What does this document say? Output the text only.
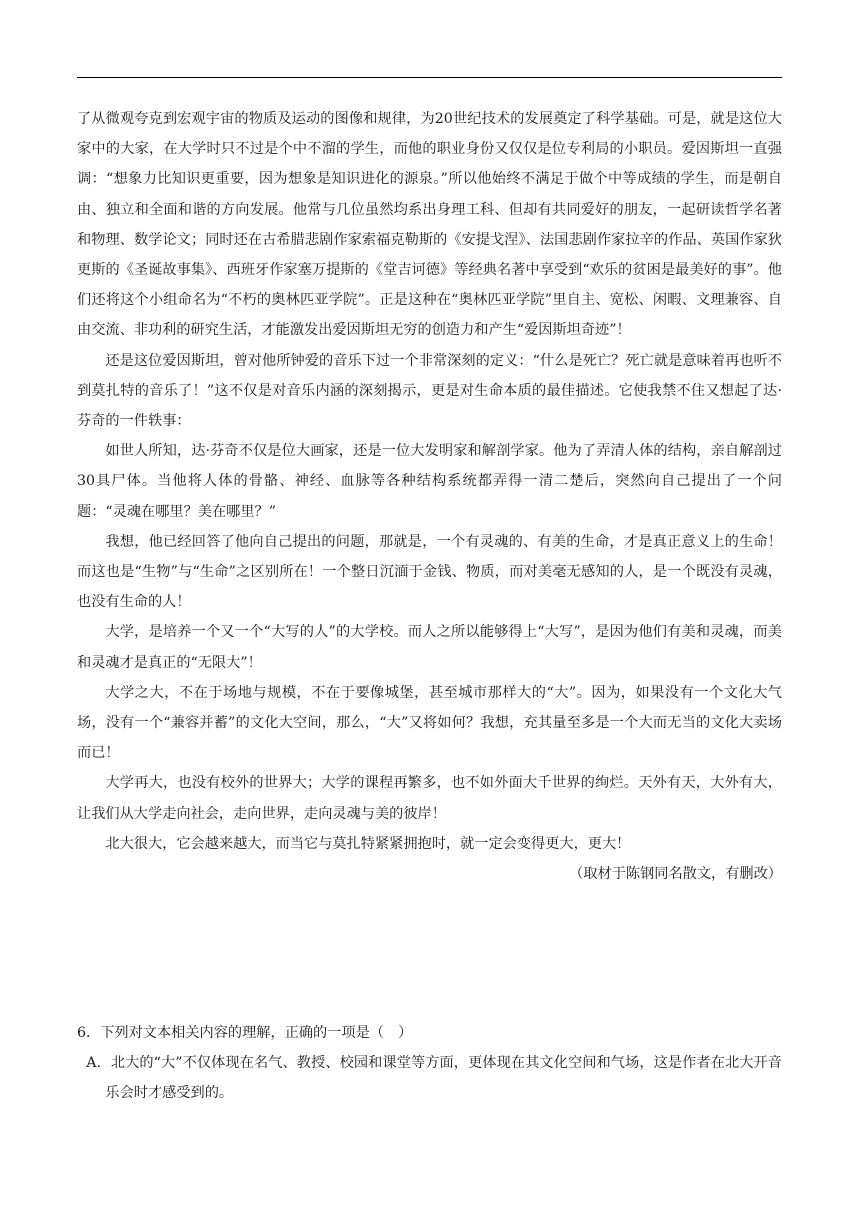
了从微观夸克到宏观宇宙的物质及运动的图像和规律，为20世纪技术的发展奠定了科学基础。可是，就是这位大家中的大家，在大学时只不过是个中不溜的学生，而他的职业身份又仅仅是位专利局的小职员。爱因斯坦一直强调：“想象力比知识更重要，因为想象是知识进化的源泉。”所以他始终不满足于做个中等成绩的学生，而是朝自由、独立和全面和谐的方向发展。他常与几位虽然均系出身理工科、但却有共同爱好的朋友，一起研读哲学名著和物理、数学论文；同时还在古希腊悲剧作家索福克勒斯的《安提戈涅》、法国悲剧作家拉辛的作品、英国作家狄更斯的《圣诞故事集》、西班牙作家塞万提斯的《堂吉诃德》等经典名著中享受到“欢乐的贫困是最美好的事”。他们还将这个小组命名为“不朽的奥林匹亚学院”。正是这种在“奥林匹亚学院”里自主、宽松、闲暇、文理兼容、自由交流、非功利的研究生活，才能激发出爱因斯坦无穷的创造力和产生“爱因斯坦奇迹”！

还是这位爱因斯坦，曾对他所钟爱的音乐下过一个非常深刻的定义：“什么是死亡？死亡就是意味着再也听不到莫扎特的音乐了！”这不仅是对音乐内涵的深刻揭示，更是对生命本质的最佳描述。它使我禁不住又想起了达·芬奇的一件轶事：

如世人所知，达·芬奇不仅是位大画家，还是一位大发明家和解剖学家。他为了弄清人体的结构，亲自解剖过30具尸体。当他将人体的骨骼、神经、血脉等各种结构系统都弄得一清二楚后，突然向自己提出了一个问题：“灵魂在哪里？美在哪里？”

我想，他已经回答了他向自己提出的问题，那就是，一个有灵魂的、有美的生命，才是真正意义上的生命！而这也是“生物”与“生命”之区别所在！一个整日沉湎于金钱、物质，而对美毫无感知的人，是一个既没有灵魂，也没有生命的人！

大学，是培养一个又一个“大写的人”的大学校。而人之所以能够得上“大写”，是因为他们有美和灵魂，而美和灵魂才是真正的“无限大”！

大学之大，不在于场地与规模，不在于要像城堡，甚至城市那样大的“大”。因为，如果没有一个文化大气场，没有一个“兼容并蓄”的文化大空间，那么，“大”又将如何？我想，充其量至多是一个大而无当的文化大卖场而已！

大学再大，也没有校外的世界大；大学的课程再繁多，也不如外面大千世界的绚烂。天外有天，大外有大，让我们从大学走向社会，走向世界，走向灵魂与美的彼岸！

北大很大，它会越来越大，而当它与莫扎特紧紧拥抱时，就一定会变得更大，更大！

（取材于陈钢同名散文，有删改）

6．下列对文本相关内容的理解，正确的一项是（　）

A．北大的“大”不仅体现在名气、教授、校园和课堂等方面，更体现在其文化空间和气场，这是作者在北大开音乐会时才感受到的。
